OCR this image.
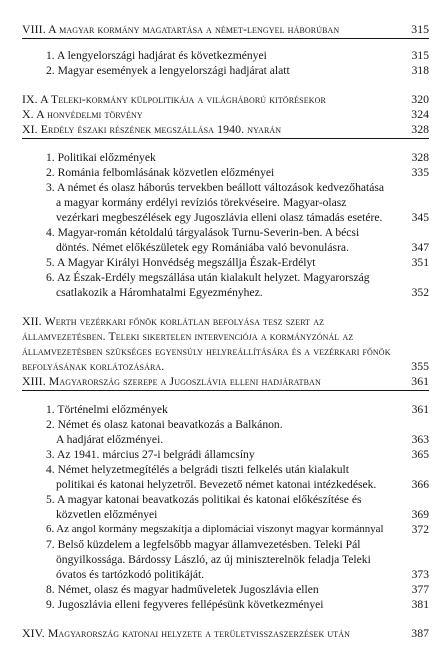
VIII. A magyar kormány magatartása a német-lengyel háborúban	315
1. A lengyelországi hadjárat és következményei	315
2. Magyar események a lengyelországi hadjárat alatt	318
IX. A Teleki-kormány külpolitikája a világháború kitörésekor	320
X. A honvédelmi törvény	324
XI. Erdély északi részének megszállása 1940. nyarán	328
1. Politikai előzmények	328
2. Románia felbomlásának közvetlen előzményei	335
3. A német és olasz háborús tervekben beállott változások kedvezőhatása
a magyar kormány erdélyi revíziós törekvéseire. Magyar-olasz
vezérkari megbeszélések egy Jugoszlávia elleni olasz támadás esetére.	345
4. Magyar-román kétoldalú tárgyalások Turnu-Severin-ben. A bécsi
döntés. Német előkészületek egy Romániába való bevonulásra.	347
5. A Magyar Királyi Honvédség megszállja Észak-Erdélyt	351
6. Az Észak-Erdély megszállása után kialakult helyzet. Magyarország
csatlakozik a Háromhatalmi Egyezményhez.	352
XII. Werth vezérkari főnök korlátlan befolyása tesz szert az államvezetésben. Teleki sikertelen intervenciója a kormányzónál az államvezetésben szükséges egyensúly helyreállítására és a vezérkari főnök befolyásának korlátozására.	355
XIII. Magyarország szerepe a Jugoszlávia elleni hadjáratban	361
1. Történelmi előzmények	361
2. Német és olasz katonai beavatkozás a Balkánon.
A hadjárat előzményei.	363
3. Az 1941. március 27-i belgrádi államcsíny	365
4. Német helyzetmegítélés a belgrádi tiszti felkelés után kialakult
politikai és katonai helyzetről. Bevezető német katonai intézkedések.	366
5. A magyar katonai beavatkozás politikai és katonai előkészítése és
közvetlen előzményei	369
6. Az angol kormány megszakítja a diplomáciai viszonyt magyar kormánnyal	372
7. Belső küzdelem a legfelsőbb magyar államvezetésben. Teleki Pál
öngyilkossága. Bárdossy László, az új miniszterelnök feladja Teleki
óvatos és tartózkodó politikáját.	373
8. Német, olasz és magyar hadműveletek Jugoszlávia ellen	377
9. Jugoszlávia elleni fegyveres fellépésünk következményei	381
XIV. Magyarország katonai helyzete a területvisszaszerzések után	387
